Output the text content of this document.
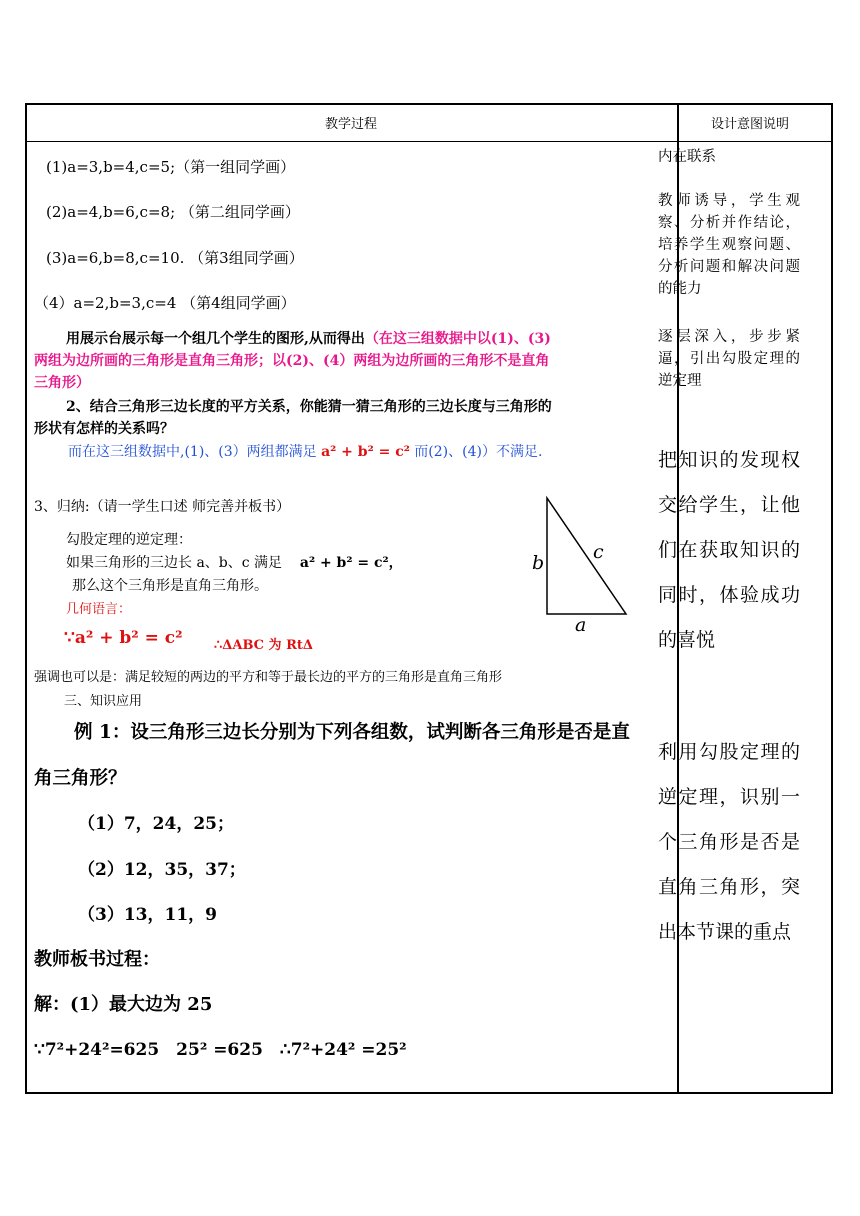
教学过程	设计意图说明
(1)a=3,b=4,c=5;（第一组同学画）
(2)a=4,b=6,c=8; （第二组同学画）
(3)a=6,b=8,c=10. （第3组同学画）
（4）a=2,b=3,c=4 （第4组同学画）
用展示台展示每一个组几个学生的图形,从而得出（在这三组数据中以(1)、(3)
两组为边所画的三角形是直角三角形；以(2)、(4）两组为边所画的三角形不是直角
三角形）
2、结合三角形三边长度的平方关系，你能猜一猜三角形的三边长度与三角形的
形状有怎样的关系吗？
而在这三组数据中,(1)、(3）两组都满足 a² + b² = c² 而(2)、(4)）不满足.
3、归纳:（请一学生口述 师完善并板书）
勾股定理的逆定理：
如果三角形的三边长 a、b、c 满足 a² + b² = c²，
那么这个三角形是直角三角形。
几何语言：
∵a² + b² = c² ∴ΔABC 为 RtΔ
b	c
a
强调也可以是：满足较短的两边的平方和等于最长边的平方的三角形是直角三角形
三、知识应用
例 1：设三角形三边长分别为下列各组数，试判断各三角形是否是直
角三角形？
（1）7，24，25；
（2）12，35，37；
（3）13，11，9
教师板书过程：
解：(1）最大边为 25
∵7²+24²=625　25² =625　∴7²+24² =25²
内在联系
教师诱导，学生观察、分析并作结论，培养学生观察问题、分析问题和解决问题的能力
逐层深入，步步紧逼，引出勾股定理的逆定理
把知识的发现权交给学生，让他们在获取知识的同时，体验成功的喜悦
利用勾股定理的逆定理，识别一个三角形是否是直角三角形，突出本节课的重点
